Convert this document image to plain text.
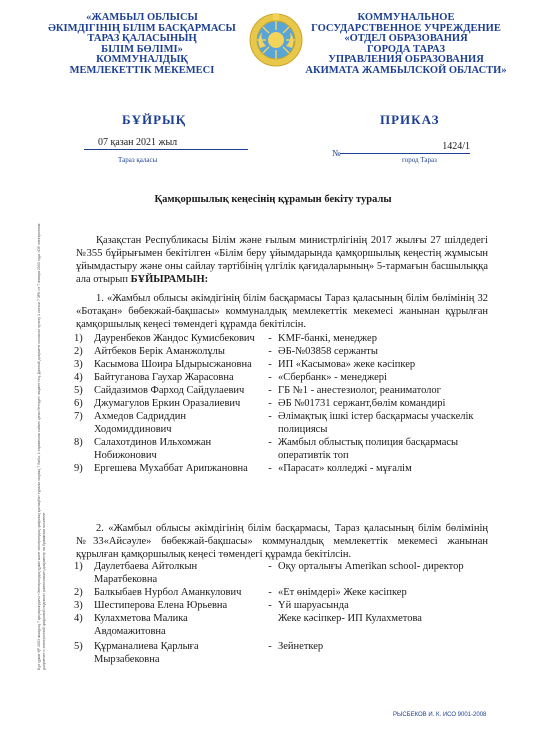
«ЖАМБЫЛ ОБЛЫСЫ
ӘКІМДІГІНІҢ БІЛІМ БАСҚАРМАСЫ
ТАРАЗ ҚАЛАСЫНЫҢ
БІЛІМ БӨЛІМІ»
КОММУНАЛДЫҚ
МЕМЛЕКЕТТІК МЕКЕМЕСІ
КОММУНАЛЬНОЕ
ГОСУДАРСТВЕННОЕ УЧРЕЖДЕНИЕ
«ОТДЕЛ ОБРАЗОВАНИЯ
ГОРОДА ТАРАЗ
УПРАВЛЕНИЯ ОБРАЗОВАНИЯ
АКИМАТА ЖАМБЫЛСКОЙ ОБЛАСТИ»
БҰЙРЫҚ	ПРИКАЗ
07 қазан 2021 жыл
Тараз қаласы
№
1424/1
город Тараз
Қамқоршылық кеңесінің құрамын бекіту туралы
Бұл құжат ҚР 2003 жылдың 7 қаңтарындағы «Электрондық құжат және электрондық цифрлық қолтаңба» туралы заңның 7 бабы, 1 тармағына сәйкес қағаз бетіндегі заңмен тең. Данный документ согласно пункту 1 статьи 7 ЗРК от 7 января 2003 года «Об электронном документе и электронной цифровой подписи» равнозначен документу на бумажном носителе.
Қазақстан Республикасы Білім және ғылым министрлігінің 2017 жылғы 27 шілдедегі №355 бұйрығымен бекітілген «Білім беру ұйымдарында қамқоршылық кеңестің жұмысын ұйымдастыру және оны сайлау тәртібінің үлгілік қағидаларының» 5-тармағын басшылыққа ала отырып БҰЙЫРАМЫН:
1. «Жамбыл облысы әкімдігінің білім басқармасы Тараз қаласының білім бөлімінің 32 «Ботақан» бөбекжай-бақшасы» коммуналдық мемлекеттік мекемесі жанынан құрылған қамқоршылық кеңесі төмендегі құрамда бекітілсін.
1)	Дауренбеков Жандос Кумисбекович	- KMF-банкі, менеджер
2)	Айтбеков Берік Аманжолұлы	- ӘБ-№03858 сержанты
3)	Касымова Шоира Ыдырысжановна	- ИП «Касымова» жеке кәсіпкер
4)	Байтуганова Гаухар Жарасовна	- «Сбербанк» - менеджері
5)	Сайдазимов Фарход Сайдулаевич	- ГБ №1 - анестезиолог, реаниматолог
6)	Джумагулов Еркин Оразалиевич	- ӘБ №01731 сержант,бөлім командирі
7)	Ахмедов Садриддин Ходомиддинович
- Әлімақтық ішкі істер басқармасы учаскелік полициясы
8)	Салахотдинов Ильхомжан Нобижонович
- Жамбыл облыстық полиция басқармасы оперативтік топ
9)	Ергешева Мухаббат Арипжановна	- «Парасат» колледжі - мұғалім
2. «Жамбыл облысы әкімдігінің білім басқармасы, Тараз қаласының білім бөлімінің №33«Айсәуле» бөбекжай-бақшасы» коммуналдық мемлекеттік мекемесі жанынан құрылған қамқоршылық кеңесі төмендегі құрамда бекітілсін.
1)	Даулетбаева Айтолкын Маратбековна
- Оқу орталығы Amerikan school- директор
2)	Балкыбаев Нурбол Аманкулович	- «Ет өнімдері» Жеке кәсіпкер
3)	Шестиперова Елена Юрьевна	- Үй шаруасында
4)	Кулахметова Малика Авдомажитовна
Жеке кәсіпкер- ИП Кулахметова
5)	Құрманалиева Қарлыға Мырзабековна
- Зейнеткер
РЫСБЕКОВ И. К. ИСО 9001-2008
